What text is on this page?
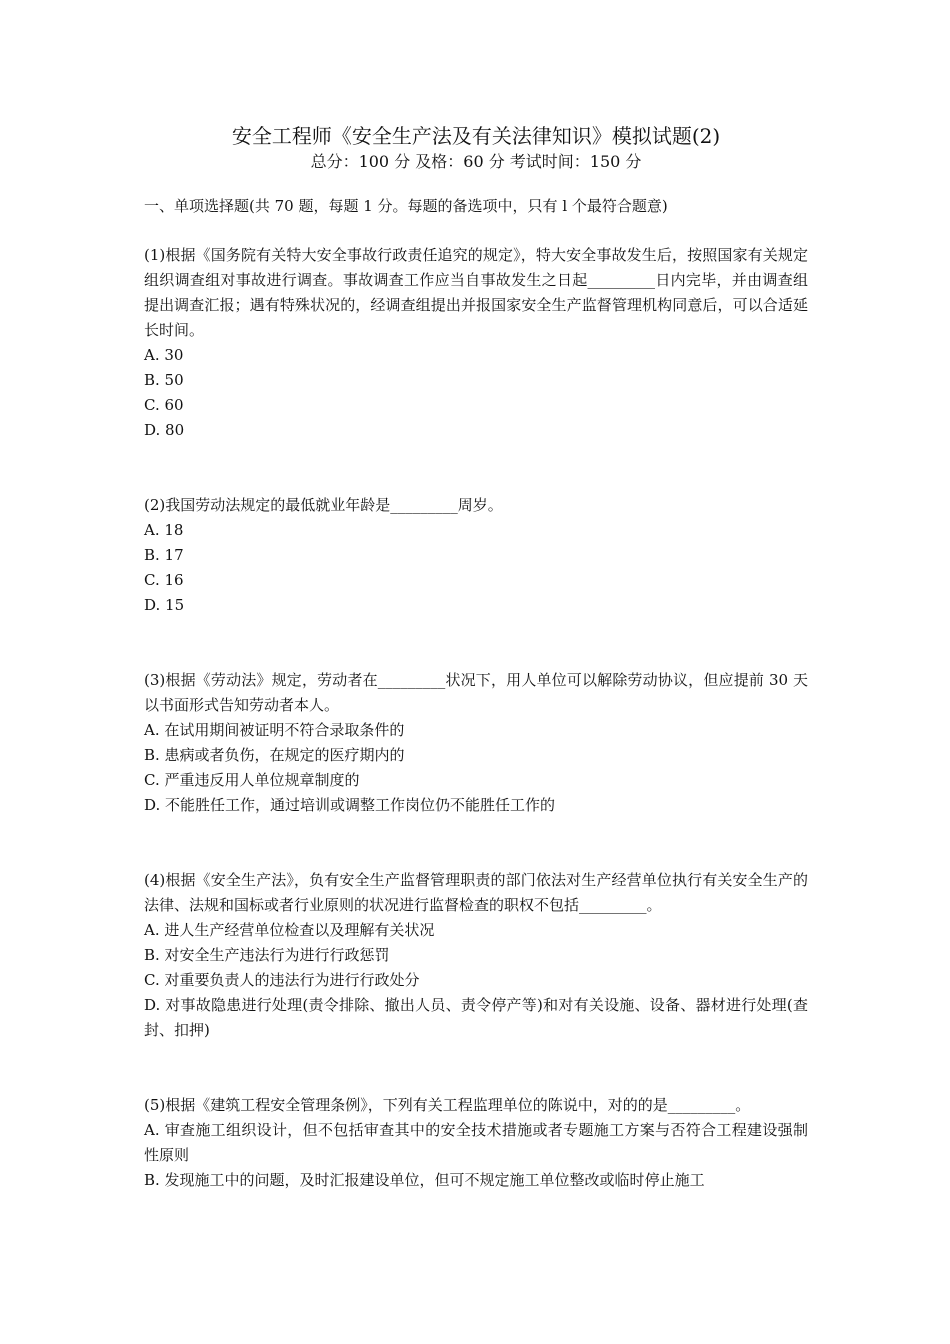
安全工程师《安全生产法及有关法律知识》模拟试题(2)

总分：100 分 及格：60 分 考试时间：150 分

一、单项选择题(共 70 题，每题 1 分。每题的备选项中，只有 l 个最符合题意)

(1)根据《国务院有关特大安全事故行政责任追究的规定》，特大安全事故发生后，按照国家有关规定组织调查组对事故进行调查。事故调查工作应当自事故发生之日起_________日内完毕，并由调查组提出调查汇报；遇有特殊状况的，经调查组提出并报国家安全生产监督管理机构同意后，可以合适延长时间。

A. 30

B. 50

C. 60

D. 80

(2)我国劳动法规定的最低就业年龄是_________周岁。

A. 18

B. 17

C. 16

D. 15

(3)根据《劳动法》规定，劳动者在_________状况下，用人单位可以解除劳动协议，但应提前 30 天以书面形式告知劳动者本人。

A. 在试用期间被证明不符合录取条件的

B. 患病或者负伤，在规定的医疗期内的

C. 严重违反用人单位规章制度的

D. 不能胜任工作，通过培训或调整工作岗位仍不能胜任工作的

(4)根据《安全生产法》，负有安全生产监督管理职责的部门依法对生产经营单位执行有关安全生产的法律、法规和国标或者行业原则的状况进行监督检查的职权不包括_________。

A. 进人生产经营单位检查以及理解有关状况

B. 对安全生产违法行为进行行政惩罚

C. 对重要负责人的违法行为进行行政处分

D. 对事故隐患进行处理(责令排除、撤出人员、责令停产等)和对有关设施、设备、器材进行处理(查封、扣押)

(5)根据《建筑工程安全管理条例》，下列有关工程监理单位的陈说中，对的的是_________。

A. 审查施工组织设计，但不包括审查其中的安全技术措施或者专题施工方案与否符合工程建设强制性原则

B. 发现施工中的问题，及时汇报建设单位，但可不规定施工单位整改或临时停止施工
